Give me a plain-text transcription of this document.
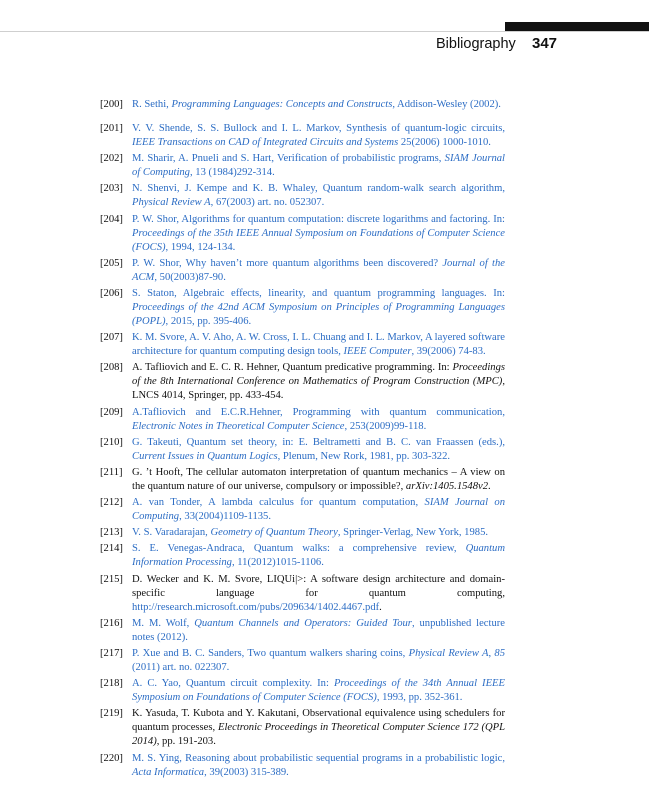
Bibliography 347
[200] R. Sethi, Programming Languages: Concepts and Constructs, Addison-Wesley (2002).
[201] V. V. Shende, S. S. Bullock and I. L. Markov, Synthesis of quantum-logic circuits, IEEE Transactions on CAD of Integrated Circuits and Systems 25(2006) 1000-1010.
[202] M. Sharir, A. Pnueli and S. Hart, Verification of probabilistic programs, SIAM Journal of Computing, 13 (1984)292-314.
[203] N. Shenvi, J. Kempe and K. B. Whaley, Quantum random-walk search algorithm, Physical Review A, 67(2003) art. no. 052307.
[204] P. W. Shor, Algorithms for quantum computation: discrete logarithms and factoring. In: Proceedings of the 35th IEEE Annual Symposium on Foundations of Computer Science (FOCS), 1994, 124-134.
[205] P. W. Shor, Why haven’t more quantum algorithms been discovered? Journal of the ACM, 50(2003)87-90.
[206] S. Staton, Algebraic effects, linearity, and quantum programming languages. In: Proceedings of the 42nd ACM Symposium on Principles of Programming Languages (POPL), 2015, pp. 395-406.
[207] K. M. Svore, A. V. Aho, A. W. Cross, I. L. Chuang and I. L. Markov, A layered software architecture for quantum computing design tools, IEEE Computer, 39(2006) 74-83.
[208] A. Tafliovich and E. C. R. Hehner, Quantum predicative programming. In: Proceedings of the 8th International Conference on Mathematics of Program Construction (MPC), LNCS 4014, Springer, pp. 433-454.
[209] A.Tafliovich and E.C.R.Hehner, Programming with quantum communication, Electronic Notes in Theoretical Computer Science, 253(2009)99-118.
[210] G. Takeuti, Quantum set theory, in: E. Beltrametti and B. C. van Fraassen (eds.), Current Issues in Quantum Logics, Plenum, New Rork, 1981, pp. 303-322.
[211] G. ’t Hooft, The cellular automaton interpretation of quantum mechanics – A view on the quantum nature of our universe, compulsory or impossible?, arXiv:1405.1548v2.
[212] A. van Tonder, A lambda calculus for quantum computation, SIAM Journal on Computing, 33(2004)1109-1135.
[213] V. S. Varadarajan, Geometry of Quantum Theory, Springer-Verlag, New York, 1985.
[214] S. E. Venegas-Andraca, Quantum walks: a comprehensive review, Quantum Information Processing, 11(2012)1015-1106.
[215] D. Wecker and K. M. Svore, LIQUi|>: A software design architecture and domain-specific language for quantum computing, http://research.microsoft.com/pubs/209634/1402.4467.pdf.
[216] M. M. Wolf, Quantum Channels and Operators: Guided Tour, unpublished lecture notes (2012).
[217] P. Xue and B. C. Sanders, Two quantum walkers sharing coins, Physical Review A, 85 (2011) art. no. 022307.
[218] A. C. Yao, Quantum circuit complexity. In: Proceedings of the 34th Annual IEEE Symposium on Foundations of Computer Science (FOCS), 1993, pp. 352-361.
[219] K. Yasuda, T. Kubota and Y. Kakutani, Observational equivalence using schedulers for quantum processes, Electronic Proceedings in Theoretical Computer Science 172 (QPL 2014), pp. 191-203.
[220] M. S. Ying, Reasoning about probabilistic sequential programs in a probabilistic logic, Acta Informatica, 39(2003) 315-389.
